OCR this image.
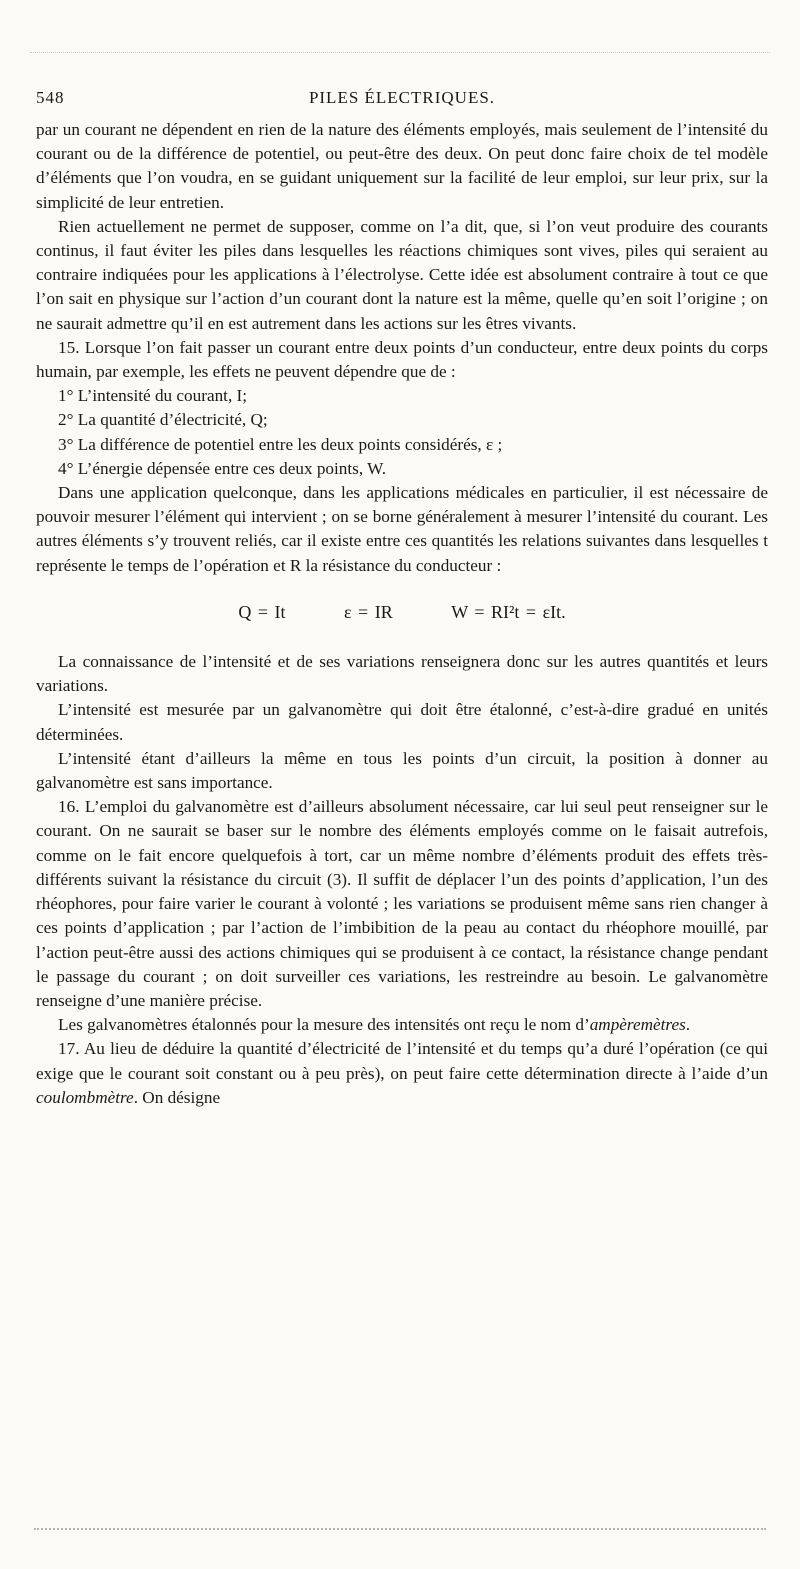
548	PILES ÉLECTRIQUES.

par un courant ne dépendent en rien de la nature des éléments employés, mais seulement de l’intensité du courant ou de la différence de potentiel, ou peut-être des deux. On peut donc faire choix de tel modèle d’éléments que l’on voudra, en se guidant uniquement sur la facilité de leur emploi, sur leur prix, sur la simplicité de leur entretien.

Rien actuellement ne permet de supposer, comme on l’a dit, que, si l’on veut produire des courants continus, il faut éviter les piles dans lesquelles les réactions chimiques sont vives, piles qui seraient au contraire indiquées pour les applications à l’électrolyse. Cette idée est absolument contraire à tout ce que l’on sait en physique sur l’action d’un courant dont la nature est la même, quelle qu’en soit l’origine ; on ne saurait admettre qu’il en est autrement dans les actions sur les êtres vivants.

15. Lorsque l’on fait passer un courant entre deux points d’un conducteur, entre deux points du corps humain, par exemple, les effets ne peuvent dépendre que de :

1° L’intensité du courant, I;

2° La quantité d’électricité, Q;

3° La différence de potentiel entre les deux points considérés, ε ;

4° L’énergie dépensée entre ces deux points, W.

Dans une application quelconque, dans les applications médicales en particulier, il est nécessaire de pouvoir mesurer l’élément qui intervient ; on se borne généralement à mesurer l’intensité du courant. Les autres éléments s’y trouvent reliés, car il existe entre ces quantités les relations suivantes dans lesquelles t représente le temps de l’opération et R la résistance du conducteur :

Q = It	ε = IR	W = RI²t = εIt.

La connaissance de l’intensité et de ses variations renseignera donc sur les autres quantités et leurs variations.

L’intensité est mesurée par un galvanomètre qui doit être étalonné, c’est-à-dire gradué en unités déterminées.

L’intensité étant d’ailleurs la même en tous les points d’un circuit, la position à donner au galvanomètre est sans importance.

16. L’emploi du galvanomètre est d’ailleurs absolument nécessaire, car lui seul peut renseigner sur le courant. On ne saurait se baser sur le nombre des éléments employés comme on le faisait autrefois, comme on le fait encore quelquefois à tort, car un même nombre d’éléments produit des effets très-différents suivant la résistance du circuit (3). Il suffit de déplacer l’un des points d’application, l’un des rhéophores, pour faire varier le courant à volonté ; les variations se produisent même sans rien changer à ces points d’application ; par l’action de l’imbibition de la peau au contact du rhéophore mouillé, par l’action peut-être aussi des actions chimiques qui se produisent à ce contact, la résistance change pendant le passage du courant ; on doit surveiller ces variations, les restreindre au besoin. Le galvanomètre renseigne d’une manière précise.

Les galvanomètres étalonnés pour la mesure des intensités ont reçu le nom d’ampèremètres.

17. Au lieu de déduire la quantité d’électricité de l’intensité et du temps qu’a duré l’opération (ce qui exige que le courant soit constant ou à peu près), on peut faire cette détermination directe à l’aide d’un coulombmètre. On désigne
